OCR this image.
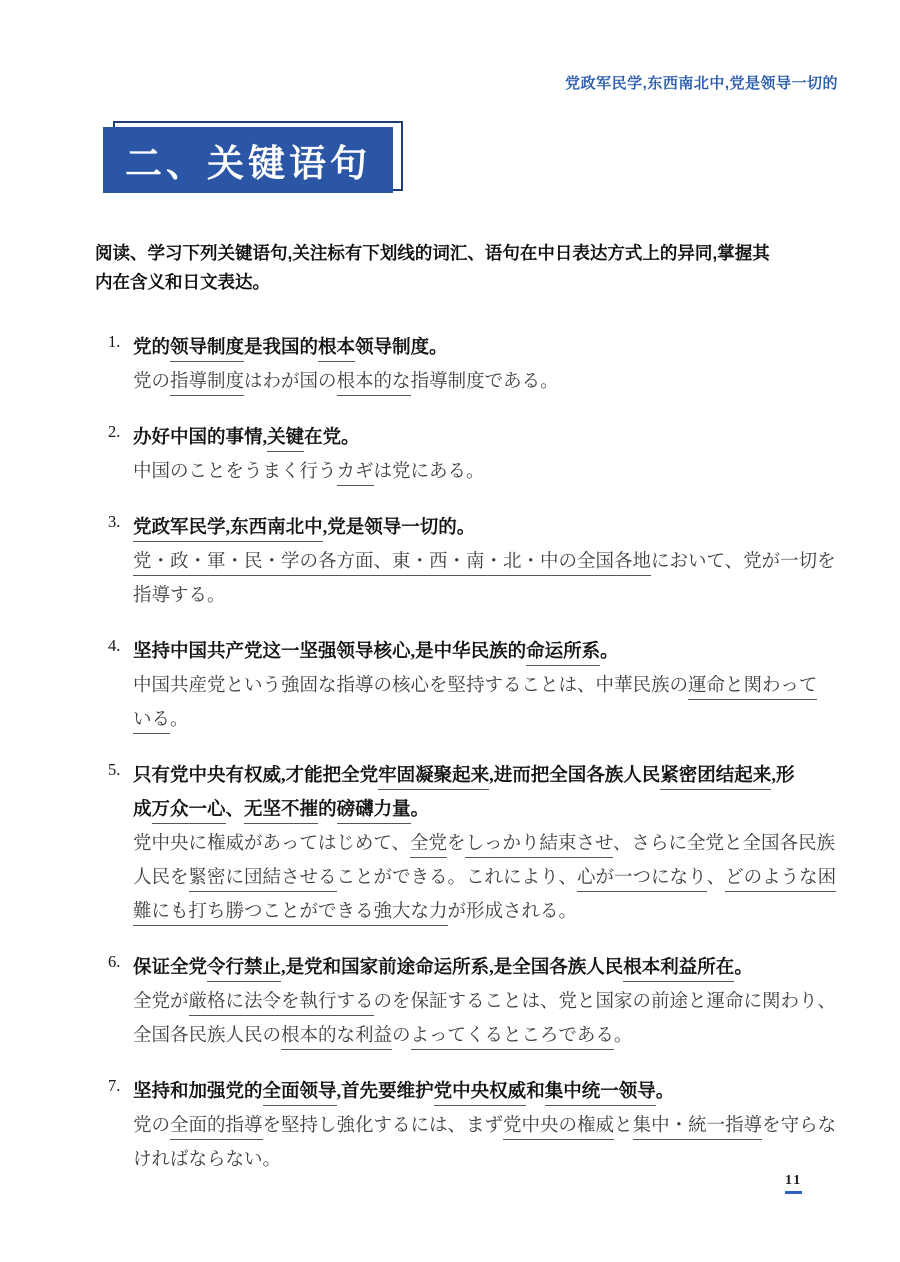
党政军民学,东西南北中,党是领导一切的
二、关键语句
阅读、学习下列关键语句,关注标有下划线的词汇、语句在中日表达方式上的异同,掌握其
内在含义和日文表达。
1. 党的领导制度是我国的根本领导制度。
党の指導制度はわが国の根本的な指導制度である。
2. 办好中国的事情,关键在党。
中国のことをうまく行うカギは党にある。
3. 党政军民学,东西南北中,党是领导一切的。
党・政・軍・民・学の各方面、東・西・南・北・中の全国各地において、党が一切を
指導する。
4. 坚持中国共产党这一坚强领导核心,是中华民族的命运所系。
中国共産党という強固な指導の核心を堅持することは、中華民族の運命と関わって
いる。
5. 只有党中央有权威,才能把全党牢固凝聚起来,进而把全国各族人民紧密团结起来,形
成万众一心、无坚不摧的磅礴力量。
党中央に権威があってはじめて、全党をしっかり結束させ、さらに全党と全国各民族
人民を緊密に団結させることができる。これにより、心が一つになり、どのような困
難にも打ち勝つことができる強大な力が形成される。
6. 保证全党令行禁止,是党和国家前途命运所系,是全国各族人民根本利益所在。
全党が厳格に法令を執行するのを保証することは、党と国家の前途と運命に関わり、
全国各民族人民の根本的な利益のよってくるところである。
7. 坚持和加强党的全面领导,首先要维护党中央权威和集中统一领导。
党の全面的指導を堅持し強化するには、まず党中央の権威と集中・統一指導を守らな
ければならない。
11
